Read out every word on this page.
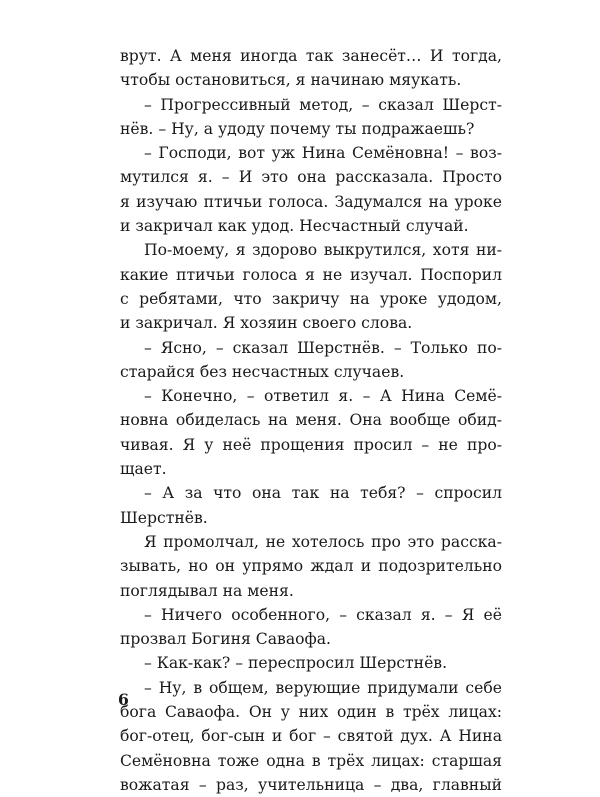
врут. А меня иногда так занесёт… И тогда,
чтобы остановиться, я начинаю мяукать.
– Прогрессивный метод, – сказал Шерст-
нёв. – Ну, а удоду почему ты подражаешь?
– Господи, вот уж Нина Семёновна! – воз-
мутился я. – И это она рассказала. Просто
я изучаю птичьи голоса. Задумался на уроке
и закричал как удод. Несчастный случай.
По-моему, я здорово выкрутился, хотя ни-
какие птичьи голоса я не изучал. Поспорил
с ребятами, что закричу на уроке удодом,
и закричал. Я хозяин своего слова.
– Ясно, – сказал Шерстнёв. – Только по-
старайся без несчастных случаев.
– Конечно, – ответил я. – А Нина Семё-
новна обиделась на меня. Она вообще обид-
чивая. Я у неё прощения просил – не про-
щает.
– А за что она так на тебя? – спросил
Шерстнёв.
Я промолчал, не хотелось про это расска-
зывать, но он упрямо ждал и подозрительно
поглядывал на меня.
– Ничего особенного, – сказал я. – Я её
прозвал Богиня Саваофа.
– Как-как? – переспросил Шерстнёв.
– Ну, в общем, верующие придумали себе
бога Саваофа. Он у них один в трёх лицах:
бог-отец, бог-сын и бог – святой дух. А Нина
Семёновна тоже одна в трёх лицах: старшая
вожатая – раз, учительница – два, главный
6
